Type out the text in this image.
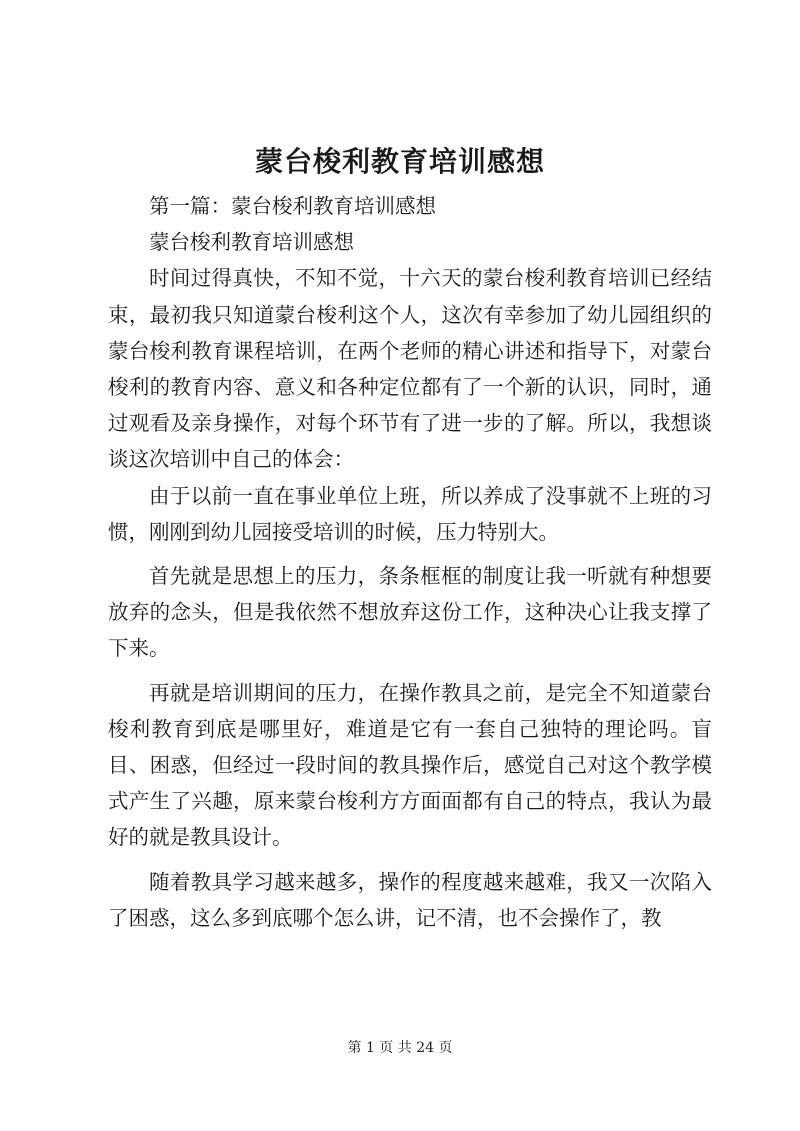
蒙台梭利教育培训感想

第一篇：蒙台梭利教育培训感想

蒙台梭利教育培训感想

时间过得真快，不知不觉，十六天的蒙台梭利教育培训已经结束，最初我只知道蒙台梭利这个人，这次有幸参加了幼儿园组织的蒙台梭利教育课程培训，在两个老师的精心讲述和指导下，对蒙台梭利的教育内容、意义和各种定位都有了一个新的认识，同时，通过观看及亲身操作，对每个环节有了进一步的了解。所以，我想谈谈这次培训中自己的体会：

由于以前一直在事业单位上班，所以养成了没事就不上班的习惯，刚刚到幼儿园接受培训的时候，压力特别大。

首先就是思想上的压力，条条框框的制度让我一听就有种想要放弃的念头，但是我依然不想放弃这份工作，这种决心让我支撑了下来。

再就是培训期间的压力，在操作教具之前，是完全不知道蒙台梭利教育到底是哪里好，难道是它有一套自己独特的理论吗。盲目、困惑，但经过一段时间的教具操作后，感觉自己对这个教学模式产生了兴趣，原来蒙台梭利方方面面都有自己的特点，我认为最好的就是教具设计。

随着教具学习越来越多，操作的程度越来越难，我又一次陷入了困惑，这么多到底哪个怎么讲，记不清，也不会操作了，教

第 1 页 共 24 页
